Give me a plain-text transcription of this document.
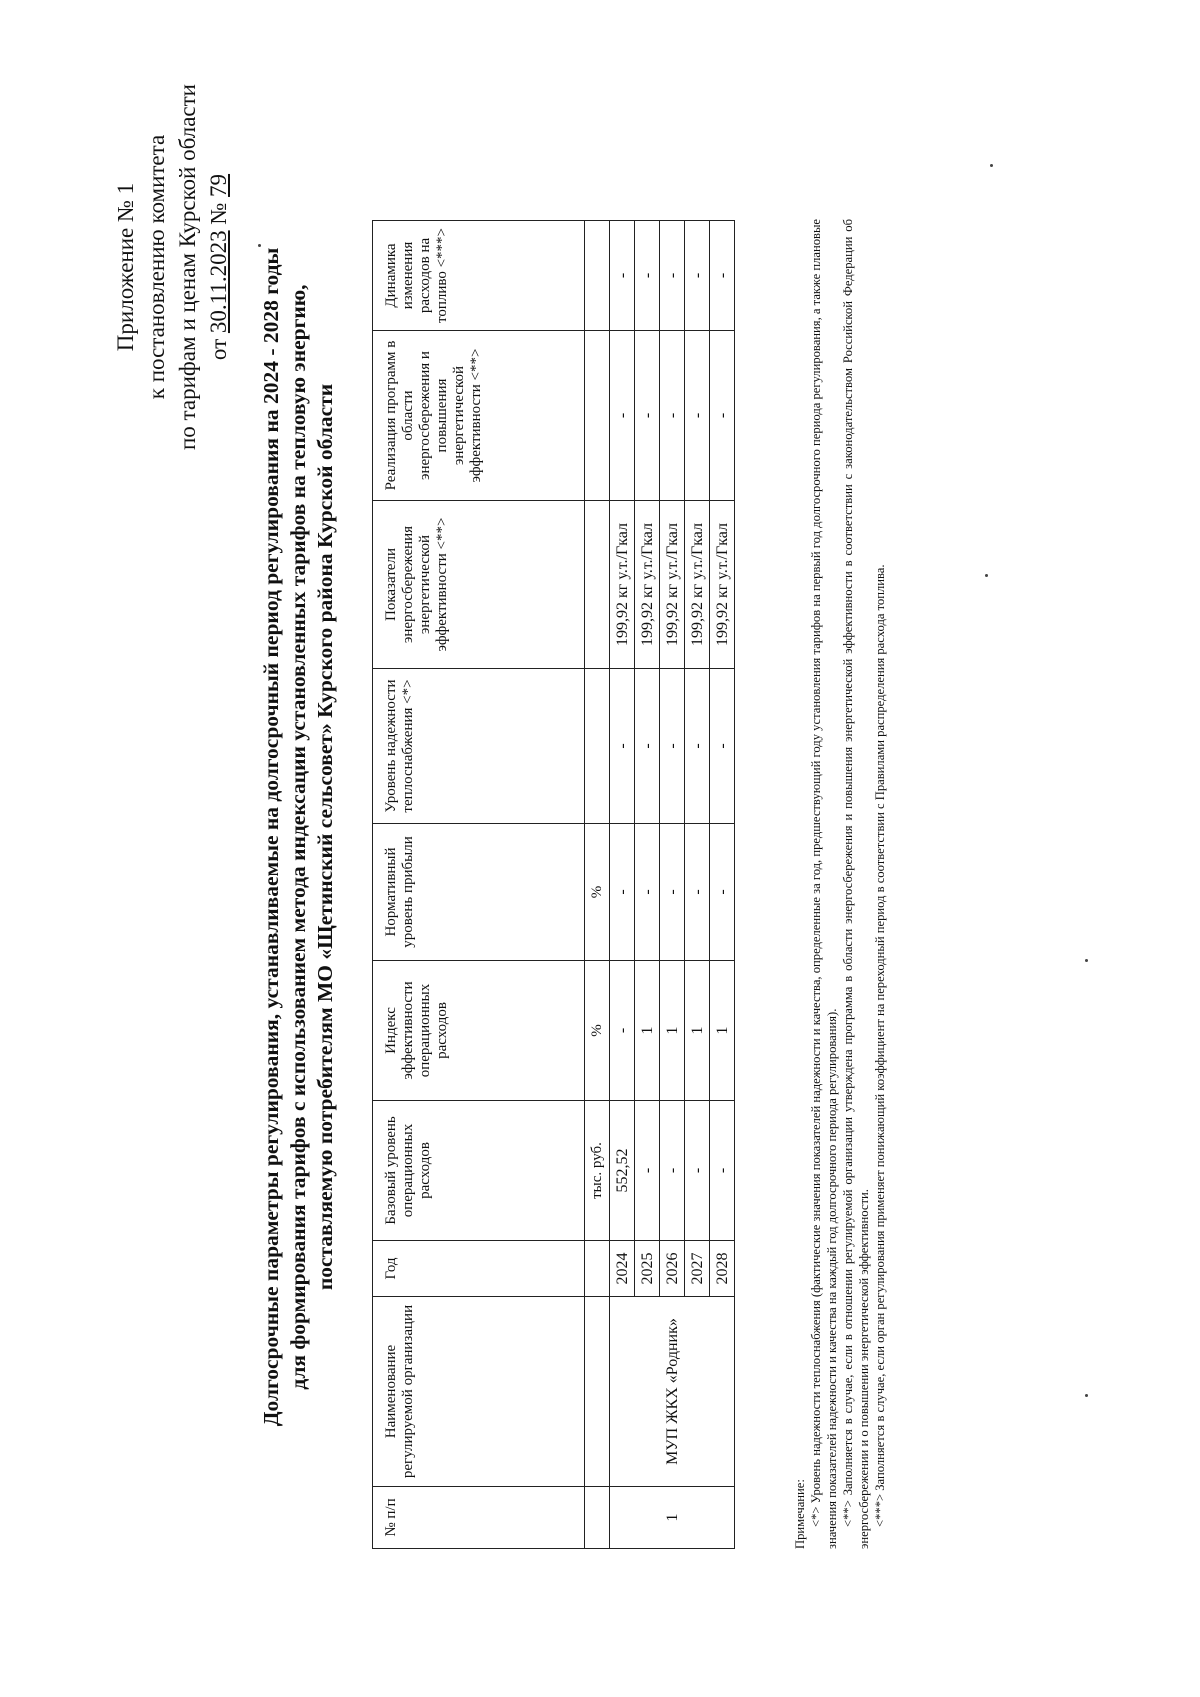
Приложение № 1 к постановлению комитета по тарифам и ценам Курской области от 30.11.2023 № 79
Долгосрочные параметры регулирования, устанавливаемые на долгосрочный период регулирования на 2024 - 2028 годы для формирования тарифов с использованием метода индексации установленных тарифов на тепловую энергию, поставляемую потребителям МО «Щетинский сельсовет» Курского района Курской области
№ п/п	Наименование регулируемой организации	Год	Базовый уровень операционных расходов	Индекс эффективности операционных расходов	Нормативный уровень прибыли	Уровень надежности теплоснабжения <*>	Показатели энергосбережения энергетической эффективности <**>	Реализация программ в области энергосбережения и повышения энергетической эффективности <**>	Динамика изменения расходов на топливо <***>
			тыс. руб.	%	%				
1	МУП ЖКХ «Родник»	2024	552,52	-	-	-	199,92 кг у.т./Гкал	-	-
		2025	-	1	-	-	199,92 кг у.т./Гкал	-	-
		2026	-	1	-	-	199,92 кг у.т./Гкал	-	-
		2027	-	1	-	-	199,92 кг у.т./Гкал	-	-
		2028	-	1	-	-	199,92 кг у.т./Гкал	-	-

Примечание: <*> Уровень надежности теплоснабжения (фактические значения показателей надежности и качества, определенные за год, предшествующий году установления тарифов на первый год долгосрочного периода регулирования, а также плановые значения показателей надежности и качества на каждый год долгосрочного периода регулирования). <**> Заполняется в случае, если в отношении регулируемой организации утверждена программа в области энергосбережения и повышения энергетической эффективности в соответствии с законодательством Российской Федерации об энергосбережении и о повышении энергетической эффективности. <***> Заполняется в случае, если орган регулирования применяет понижающий коэффициент на переходный период в соответствии с Правилами распределения расхода топлива.
